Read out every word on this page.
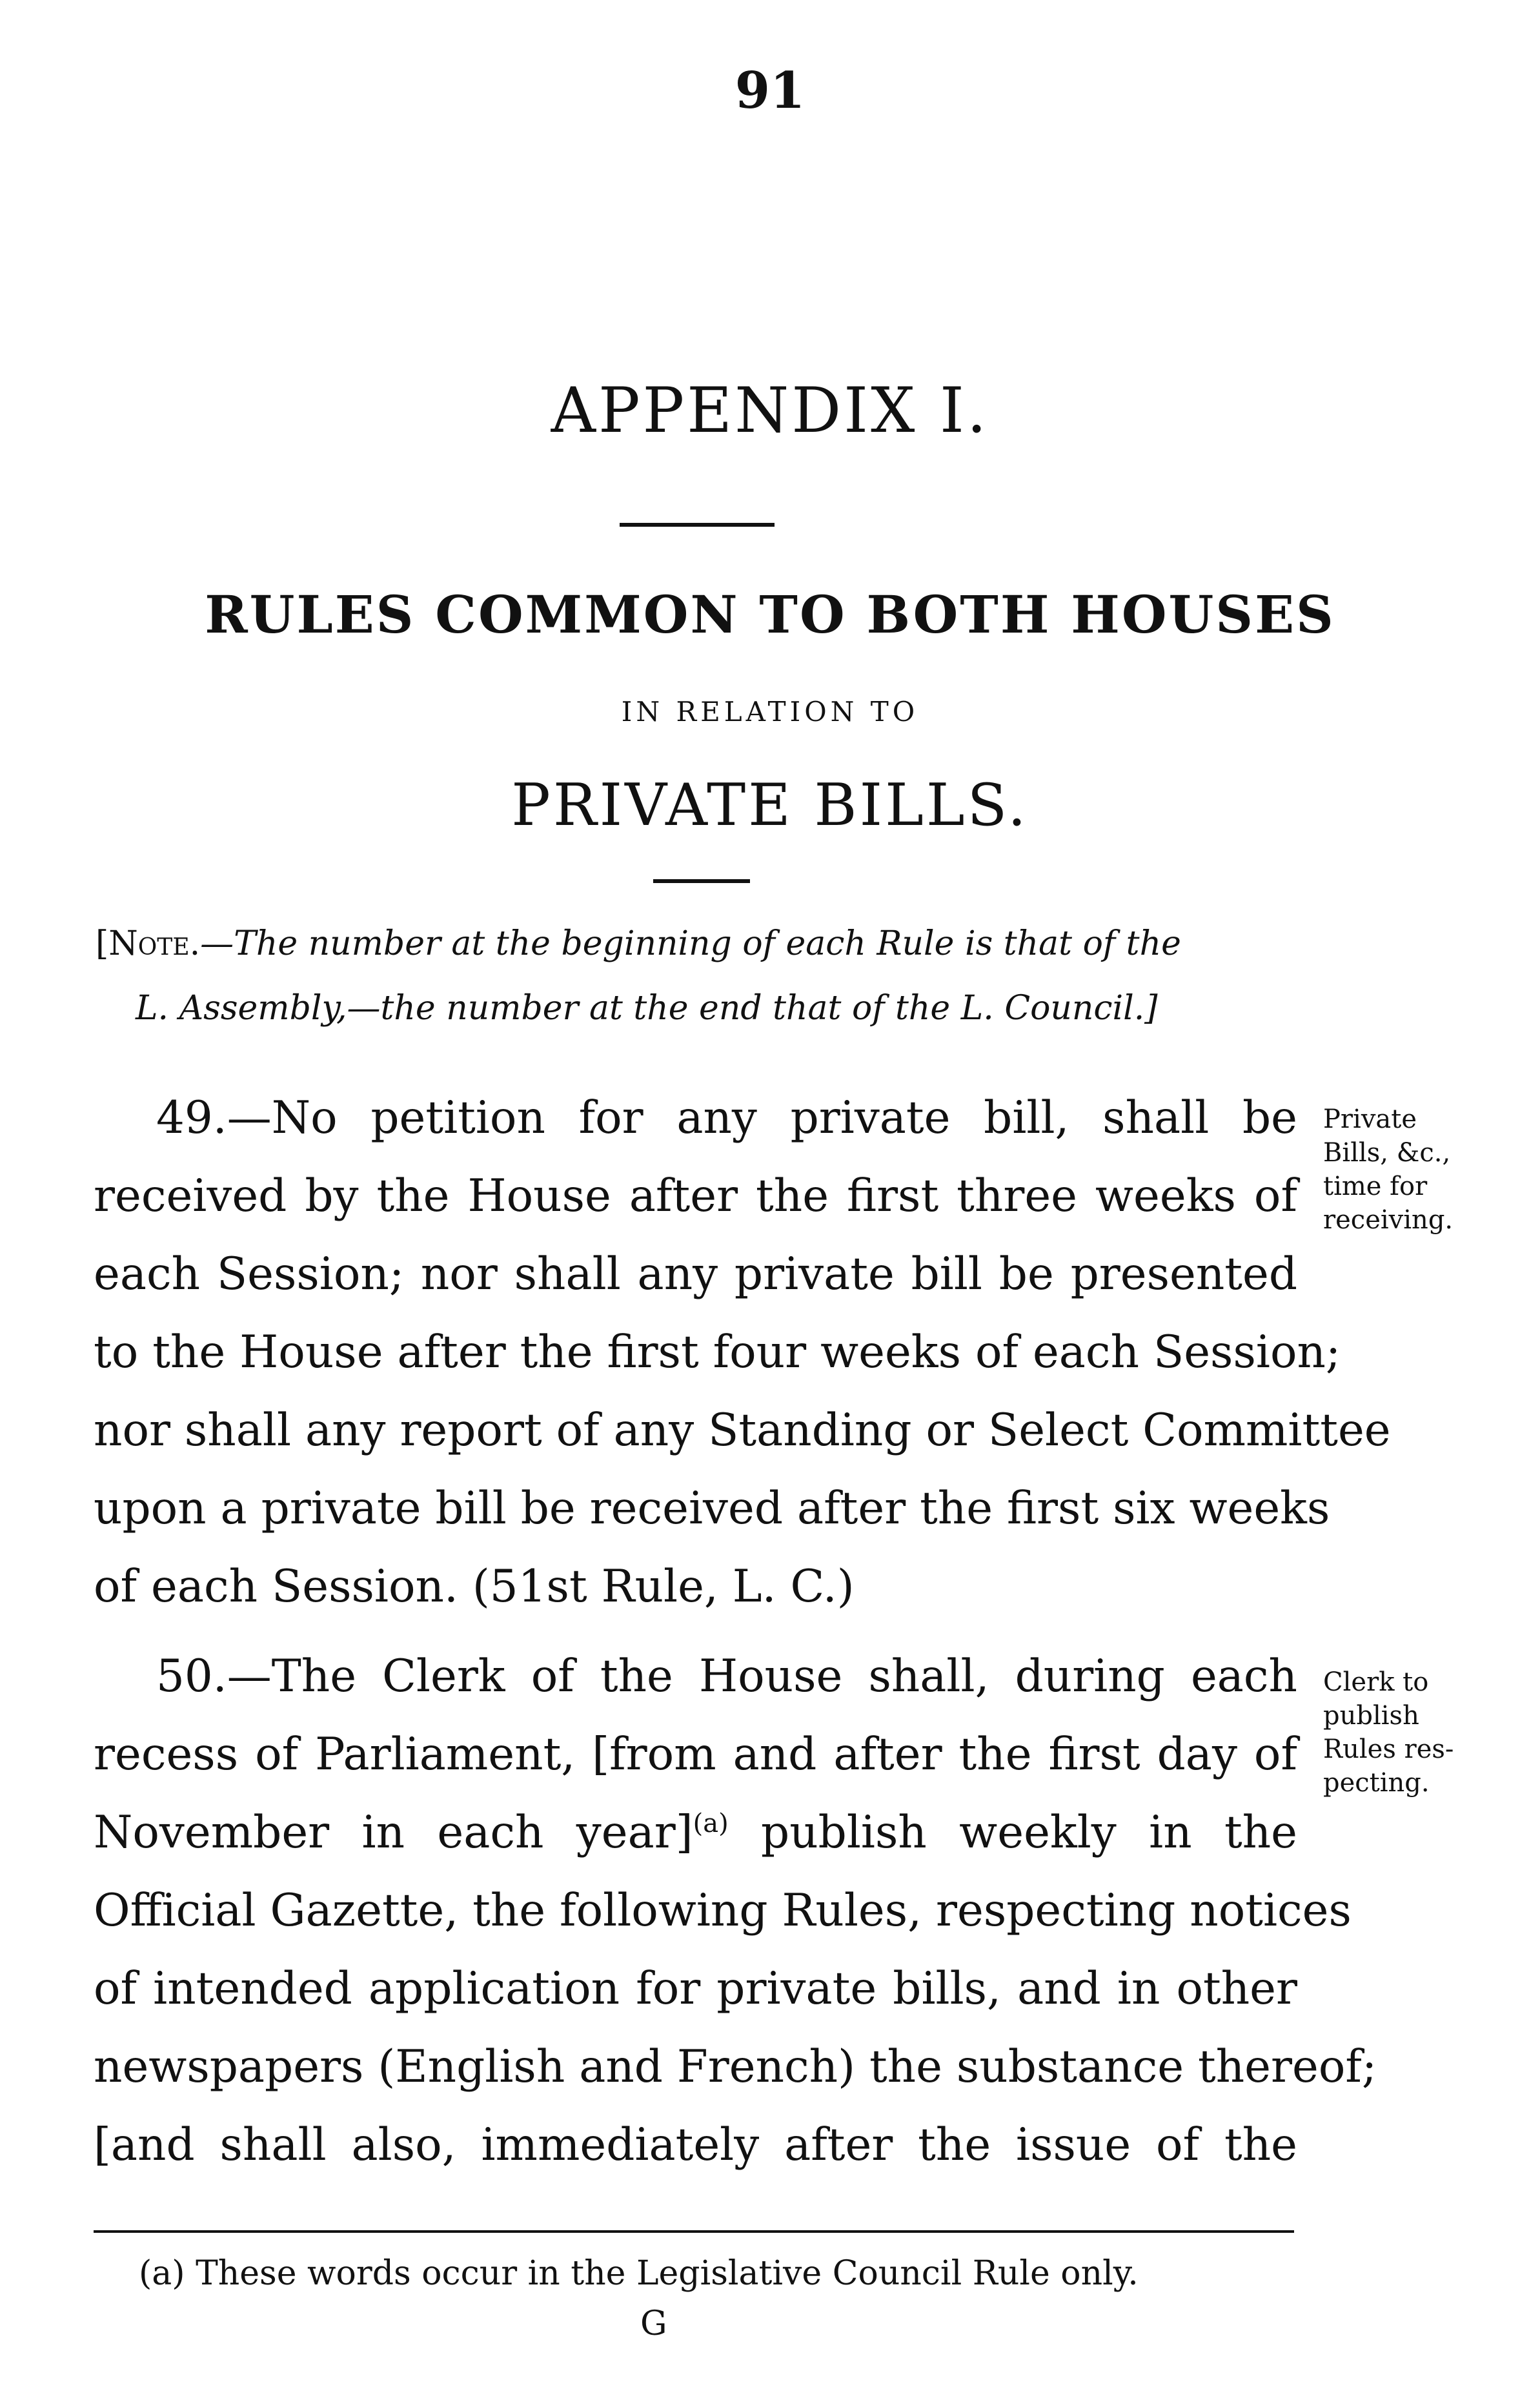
91
APPENDIX I.
RULES COMMON TO BOTH HOUSES
IN RELATION TO
PRIVATE BILLS.
[Note.—The number at the beginning of each Rule is that of the
L. Assembly,—the number at the end that of the L. Council.]
49.—No petition for any private bill, shall be
received by the House after the first three weeks of
each Session; nor shall any private bill be presented
to the House after the first four weeks of each Session;
nor shall any report of any Standing or Select Committee
upon a private bill be received after the first six weeks
of each Session. (51st Rule, L. C.)
Private
Bills, &c.,
time for
receiving.
50.—The Clerk of the House shall, during each
recess of Parliament, [from and after the first day of
November in each year]$^{(a)}$ publish weekly in the
Official Gazette, the following Rules, respecting notices
of intended application for private bills, and in other
newspapers (English and French) the substance thereof;
[and shall also, immediately after the issue of the
Clerk to
publish
Rules res-
pecting.
(a) These words occur in the Legislative Council Rule only.
G
